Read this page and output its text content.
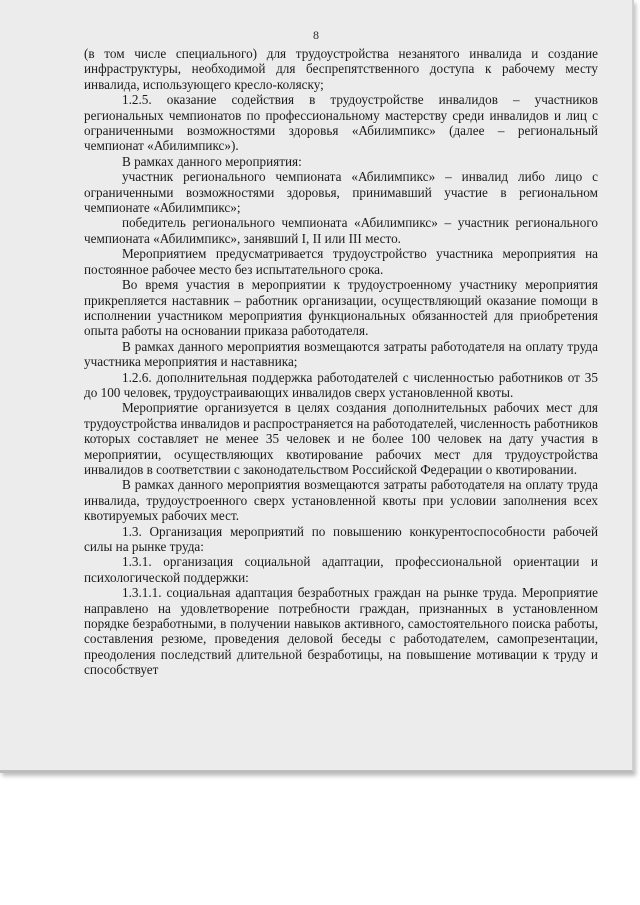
8

(в том числе специального) для трудоустройства незанятого инвалида и создание инфраструктуры, необходимой для беспрепятственного доступа к рабочему месту инвалида, использующего кресло-коляску;

1.2.5. оказание содействия в трудоустройстве инвалидов – участников региональных чемпионатов по профессиональному мастерству среди инвалидов и лиц с ограниченными возможностями здоровья «Абилимпикс» (далее – региональный чемпионат «Абилимпикс»).

В рамках данного мероприятия:

участник регионального чемпионата «Абилимпикс» – инвалид либо лицо с ограниченными возможностями здоровья, принимавший участие в региональном чемпионате «Абилимпикс»;

победитель регионального чемпионата «Абилимпикс» – участник регионального чемпионата «Абилимпикс», занявший I, II или III место.

Мероприятием предусматривается трудоустройство участника мероприятия на постоянное рабочее место без испытательного срока.

Во время участия в мероприятии к трудоустроенному участнику мероприятия прикрепляется наставник – работник организации, осуществляющий оказание помощи в исполнении участником мероприятия функциональных обязанностей для приобретения опыта работы на основании приказа работодателя.

В рамках данного мероприятия возмещаются затраты работодателя на оплату труда участника мероприятия и наставника;

1.2.6. дополнительная поддержка работодателей с численностью работников от 35 до 100 человек, трудоустраивающих инвалидов сверх установленной квоты.

Мероприятие организуется в целях создания дополнительных рабочих мест для трудоустройства инвалидов и распространяется на работодателей, численность работников которых составляет не менее 35 человек и не более 100 человек на дату участия в мероприятии, осуществляющих квотирование рабочих мест для трудоустройства инвалидов в соответствии с законодательством Российской Федерации о квотировании.

В рамках данного мероприятия возмещаются затраты работодателя на оплату труда инвалида, трудоустроенного сверх установленной квоты при условии заполнения всех квотируемых рабочих мест.

1.3. Организация мероприятий по повышению конкурентоспособности рабочей силы на рынке труда:

1.3.1. организация социальной адаптации, профессиональной ориентации и психологической поддержки:

1.3.1.1. социальная адаптация безработных граждан на рынке труда. Мероприятие направлено на удовлетворение потребности граждан, признанных в установленном порядке безработными, в получении навыков активного, самостоятельного поиска работы, составления резюме, проведения деловой беседы с работодателем, самопрезентации, преодоления последствий длительной безработицы, на повышение мотивации к труду и способствует
